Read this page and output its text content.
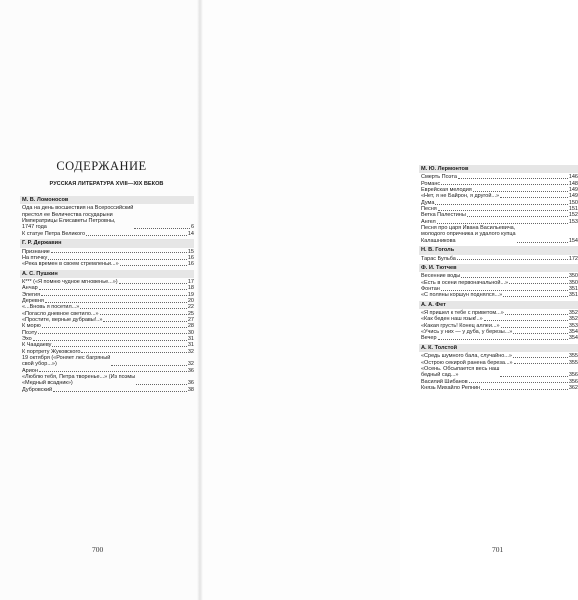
СОДЕРЖАНИЕ
РУССКАЯ ЛИТЕРАТУРА XVIII—XIX ВЕКОВ
М. В. Ломоносов
Ода на день восшествия на Всероссийский
престол ее Величества государыни
Императрицы Елисаветы Петровны,
1747 года	6
К статуе Петра Великого	14
Г. Р. Державин
Признание	15
На птичку	16
«Река времен в своем стремленьи...»	16
А. С. Пушкин
К*** («Я помню чудное мгновенье...»)	17
Анчар	18
Элегия	19
Деревня	20
«...Вновь я посетил...»	22
«Погасло дневное светило...»	25
«Простите, верные дубравы!..»	27
К морю	28
Поэту	30
Эхо	31
К Чаадаеву	31
К портрету Жуковского	32
19 октября («Роняет лес багряный
свой убор...»)	32
Арион	36
«Люблю тебя, Петра творенье...» (Из поэмы
«Медный всадник»)	36
Дубровский	38
700
М. Ю. Лермонтов
Смерть Поэта	146
Романс	148
Еврейская мелодия	149
«Нет, я не Байрон, я другой...»	149
Дума	150
Песня	151
Ветка Палестины	152
Ангел	153
Песня про царя Ивана Васильевича,
молодого опричника и удалого купца
Калашникова	154
Н. В. Гоголь
Тарас Бульба	172
Ф. И. Тютчев
Весенние воды	350
«Есть в осени первоначальной...»	350
Фонтан	351
«С поляны коршун поднялся...»	351
А. А. Фет
«Я пришел к тебе с приветом...»	352
«Как беден наш язык!..»	352
«Какая грусть! Конец аллеи...»	353
«Учись у них — у дуба, у березы...»	354
Вечер	354
А. К. Толстой
«Средь шумного бала, случайно...»	355
«Острою секирой ранена береза...»	355
«Осень. Обсыпается весь наш
бедный сад...»	356
Василий Шибанов	356
Князь Михайло Репнин	362
701
